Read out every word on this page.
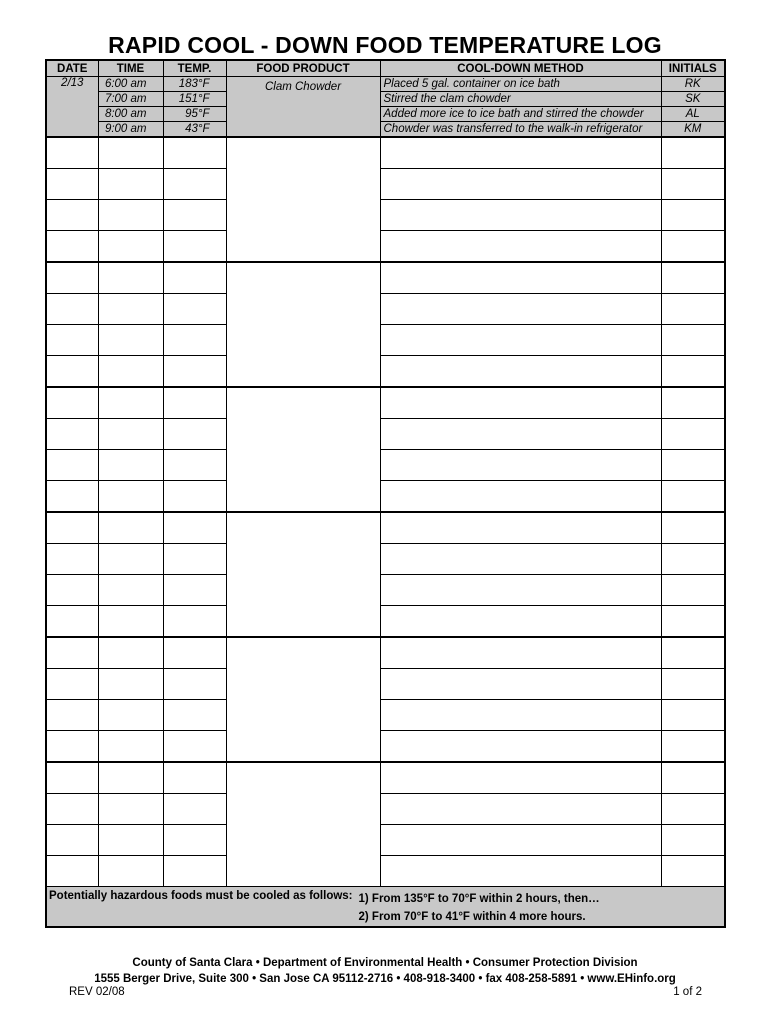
RAPID COOL - DOWN FOOD TEMPERATURE LOG
DATE	TIME	TEMP.	FOOD PRODUCT	COOL-DOWN METHOD	INITIALS
2/13	6:00 am	183°F	Clam Chowder	Placed 5 gal. container on ice bath	RK
	7:00 am	151°F		Stirred the clam chowder	SK
	8:00 am	95°F		Added more ice to ice bath and stirred the chowder	AL
	9:00 am	43°F		Chowder was transferred to the walk-in refrigerator	KM

Potentially hazardous foods must be cooled as follows: 1) From 135°F to 70°F within 2 hours, then…
2) From 70°F to 41°F within 4 more hours.					
County of Santa Clara • Department of Environmental Health • Consumer Protection Division
1555 Berger Drive, Suite 300 • San Jose CA 95112-2716 • 408-918-3400 • fax 408-258-5891 • www.EHinfo.org
REV 02/08	1 of 2
